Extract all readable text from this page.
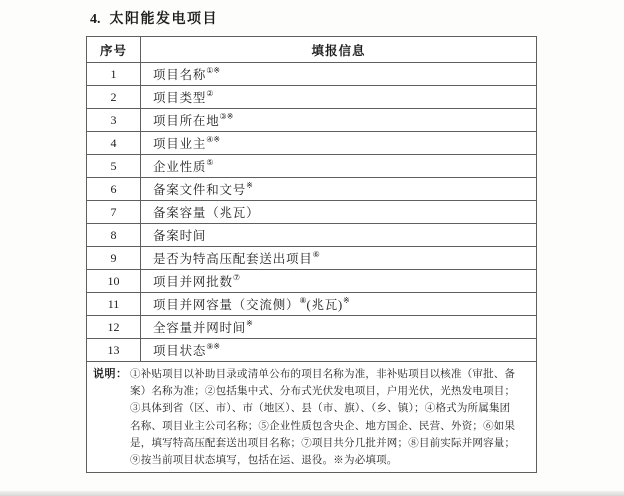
4. 太阳能发电项目
序号	填报信息
1	项目名称①※
2	项目类型②
3	项目所在地③※
4	项目业主④※
5	企业性质⑤
6	备案文件和文号※
7	备案容量（兆瓦）
8	备案时间
9	是否为特高压配套送出项目⑥
10	项目并网批数⑦
11	项目并网容量（交流侧）⑧(兆瓦)※
12	全容量并网时间※
13	项目状态⑨※

说明： ①补贴项目以补助目录或清单公布的项目名称为准，非补贴项目以核准（审批、备
案）名称为准；②包括集中式、分布式光伏发电项目，户用光伏，光热发电项目；
③具体到省（区、市）、市（地区）、县（市、旗）、（乡、镇）；④格式为所属集团
名称、项目业主公司名称；⑤企业性质包含央企、地方国企、民营、外资；⑥如果
是，填写特高压配套送出项目名称；⑦项目共分几批并网；⑧目前实际并网容量；
⑨按当前项目状态填写，包括在运、退役。※为必填项。
